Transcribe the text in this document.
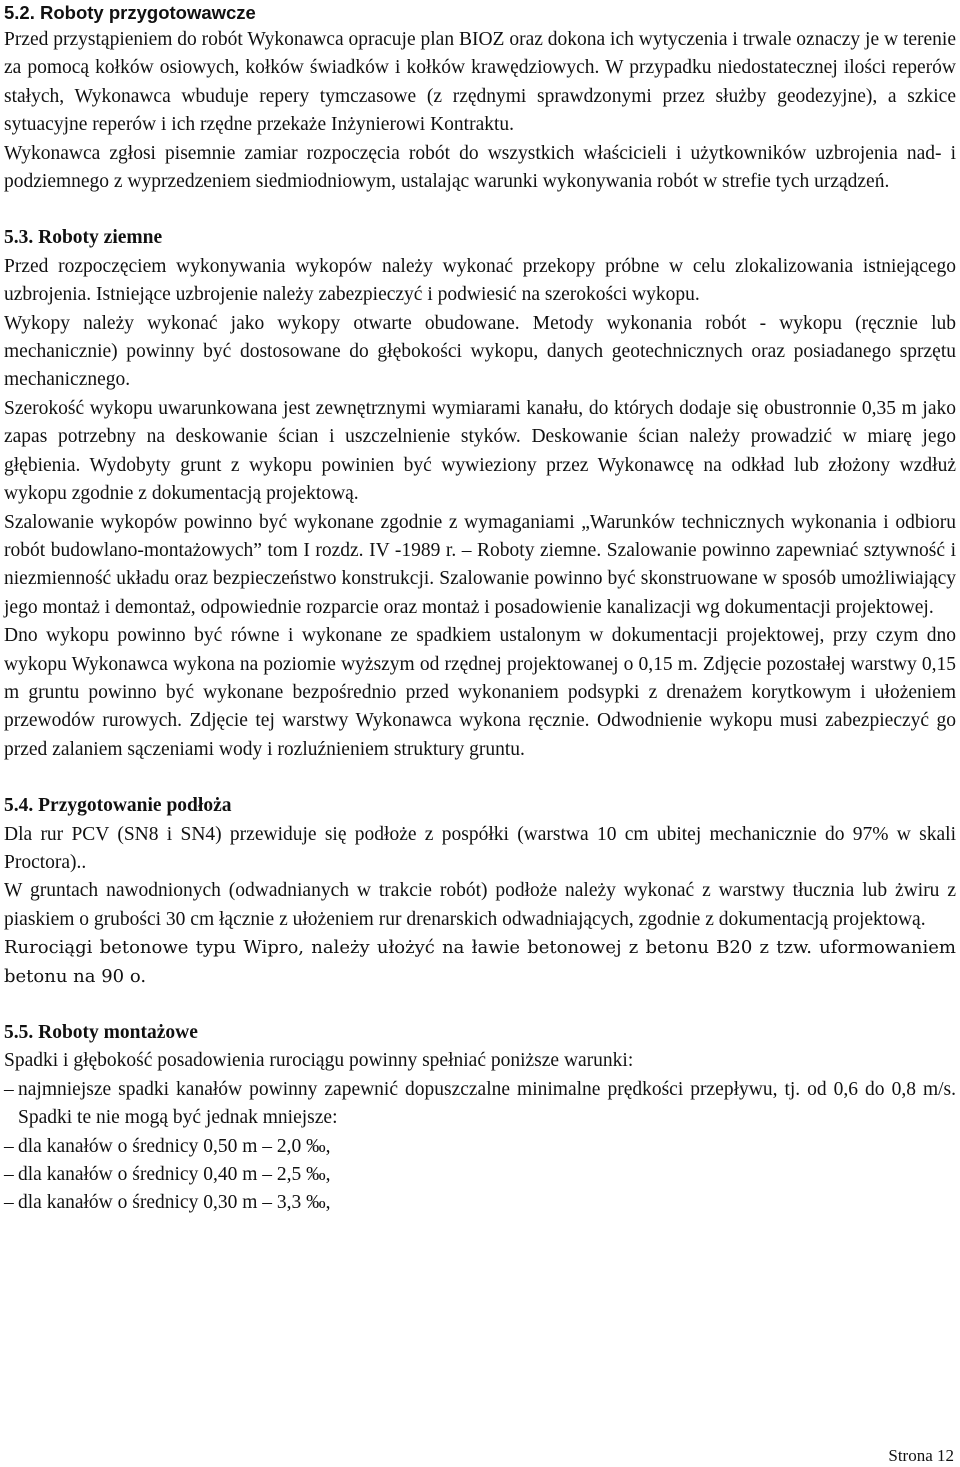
5.2. Roboty przygotowawcze

Przed przystąpieniem do robót Wykonawca opracuje plan BIOZ oraz dokona ich wytyczenia i trwale oznaczy je w terenie za pomocą kołków osiowych, kołków świadków i kołków krawędziowych. W przypadku niedostatecznej ilości reperów stałych, Wykonawca wbuduje repery tymczasowe (z rzędnymi sprawdzonymi przez służby geodezyjne), a szkice sytuacyjne reperów i ich rzędne przekaże Inżynierowi Kontraktu.

Wykonawca zgłosi pisemnie zamiar rozpoczęcia robót do wszystkich właścicieli i użytkowników uzbrojenia nad- i podziemnego z wyprzedzeniem siedmiodniowym, ustalając warunki wykonywania robót w strefie tych urządzeń.

5.3. Roboty ziemne

Przed rozpoczęciem wykonywania wykopów należy wykonać przekopy próbne w celu zlokalizowania istniejącego uzbrojenia. Istniejące uzbrojenie należy zabezpieczyć i podwiesić na szerokości wykopu.

Wykopy należy wykonać jako wykopy otwarte obudowane. Metody wykonania robót - wykopu (ręcznie lub mechanicznie) powinny być dostosowane do głębokości wykopu, danych geotechnicznych oraz posiadanego sprzętu mechanicznego.

Szerokość wykopu uwarunkowana jest zewnętrznymi wymiarami kanału, do których dodaje się obustronnie 0,35 m jako zapas potrzebny na deskowanie ścian i uszczelnienie styków. Deskowanie ścian należy prowadzić w miarę jego głębienia. Wydobyty grunt z wykopu powinien być wywieziony przez Wykonawcę na odkład lub złożony wzdłuż wykopu zgodnie z dokumentacją projektową.

Szalowanie wykopów powinno być wykonane zgodnie z wymaganiami „Warunków technicznych wykonania i odbioru robót budowlano-montażowych” tom I rozdz. IV -1989 r. – Roboty ziemne. Szalowanie powinno zapewniać sztywność i niezmienność układu oraz bezpieczeństwo konstrukcji. Szalowanie powinno być skonstruowane w sposób umożliwiający jego montaż i demontaż, odpowiednie rozparcie oraz montaż i posadowienie kanalizacji wg dokumentacji projektowej.

Dno wykopu powinno być równe i wykonane ze spadkiem ustalonym w dokumentacji projektowej, przy czym dno wykopu Wykonawca wykona na poziomie wyższym od rzędnej projektowanej o 0,15 m. Zdjęcie pozostałej warstwy 0,15 m gruntu powinno być wykonane bezpośrednio przed wykonaniem podsypki z drenażem korytkowym i ułożeniem przewodów rurowych. Zdjęcie tej warstwy Wykonawca wykona ręcznie. Odwodnienie wykopu musi zabezpieczyć go przed zalaniem sączeniami wody i rozluźnieniem struktury gruntu.

5.4. Przygotowanie podłoża

Dla rur PCV (SN8 i SN4) przewiduje się podłoże z pospółki (warstwa 10 cm ubitej mechanicznie do 97% w skali Proctora)..

W gruntach nawodnionych (odwadnianych w trakcie robót) podłoże należy wykonać z warstwy tłucznia lub żwiru z piaskiem o grubości 30 cm łącznie z ułożeniem rur drenarskich odwadniających, zgodnie z dokumentacją projektową.

Rurociągi betonowe typu Wipro, należy ułożyć na ławie betonowej z betonu B20 z tzw. uformowaniem betonu na 90 o.

5.5. Roboty montażowe

Spadki i głębokość posadowienia rurociągu powinny spełniać poniższe warunki:

– najmniejsze spadki kanałów powinny zapewnić dopuszczalne minimalne prędkości przepływu, tj. od 0,6 do 0,8 m/s. Spadki te nie mogą być jednak mniejsze:
– dla kanałów o średnicy 0,50 m – 2,0 ‰,
– dla kanałów o średnicy 0,40 m – 2,5 ‰,
– dla kanałów o średnicy 0,30 m – 3,3 ‰,
Strona 12
